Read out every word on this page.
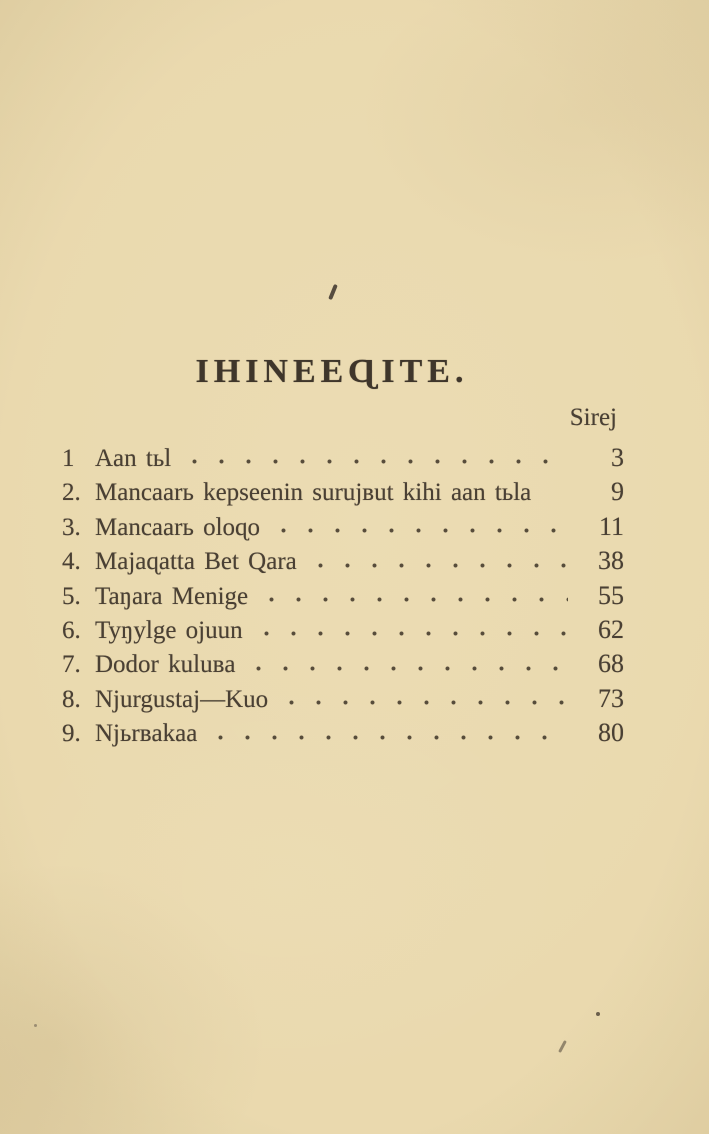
IHINEEɊITE.
Sirej
1 Aan tьl	3
2. Mancaarь kepseenin surujʙut kihi aan tьla	9
3. Mancaarь oloɋo	11
4. Majaɋatta Bet Qara	38
5. Taŋara Menige	55
6. Tyŋylge ojuun	62
7. Dodor kuluʙa	68
8. Njurgustaj—Kuo	73
9. Njьrʙakaa	80
